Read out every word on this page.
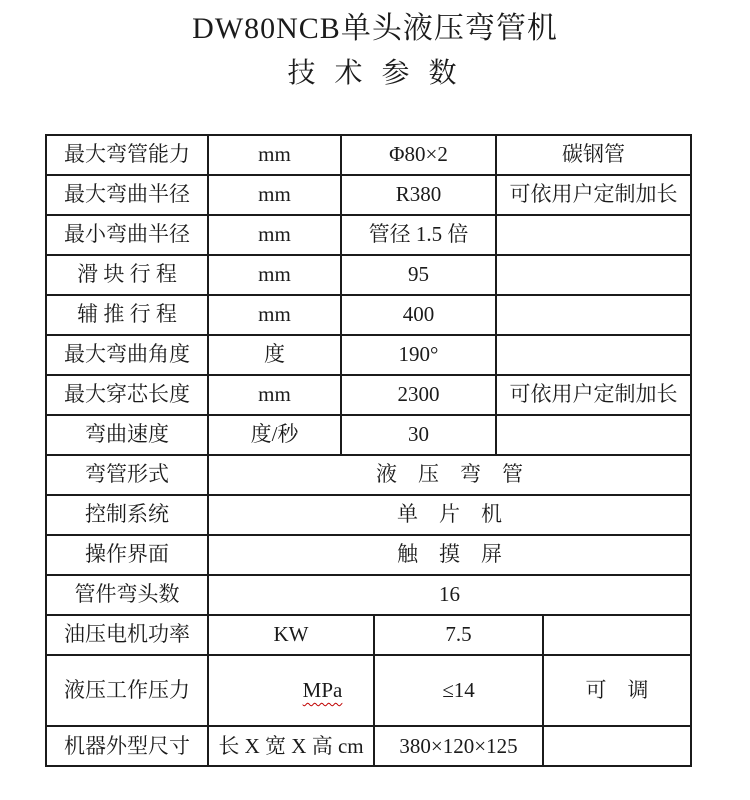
DW80NCB单头液压弯管机
技 术 参 数
最大弯管能力	mm	Φ80×2	碳钢管
最大弯曲半径	mm	R380	可依用户定制加长
最小弯曲半径	mm	管径 1.5 倍	
滑 块 行 程	mm	95	
辅 推 行 程	mm	400	
最大弯曲角度	度	190°	
最大穿芯长度	mm	2300	可依用户定制加长
弯曲速度	度/秒	30	
弯管形式	液　压　弯　管		
控制系统	单　片　机		
操作界面	触　摸　屏		
管件弯头数	16		
油压电机功率	KW	7.5	
液压工作压力	MPa	≤14	可　调
机器外型尺寸	长 X 宽 X 高 cm	380×120×125	
